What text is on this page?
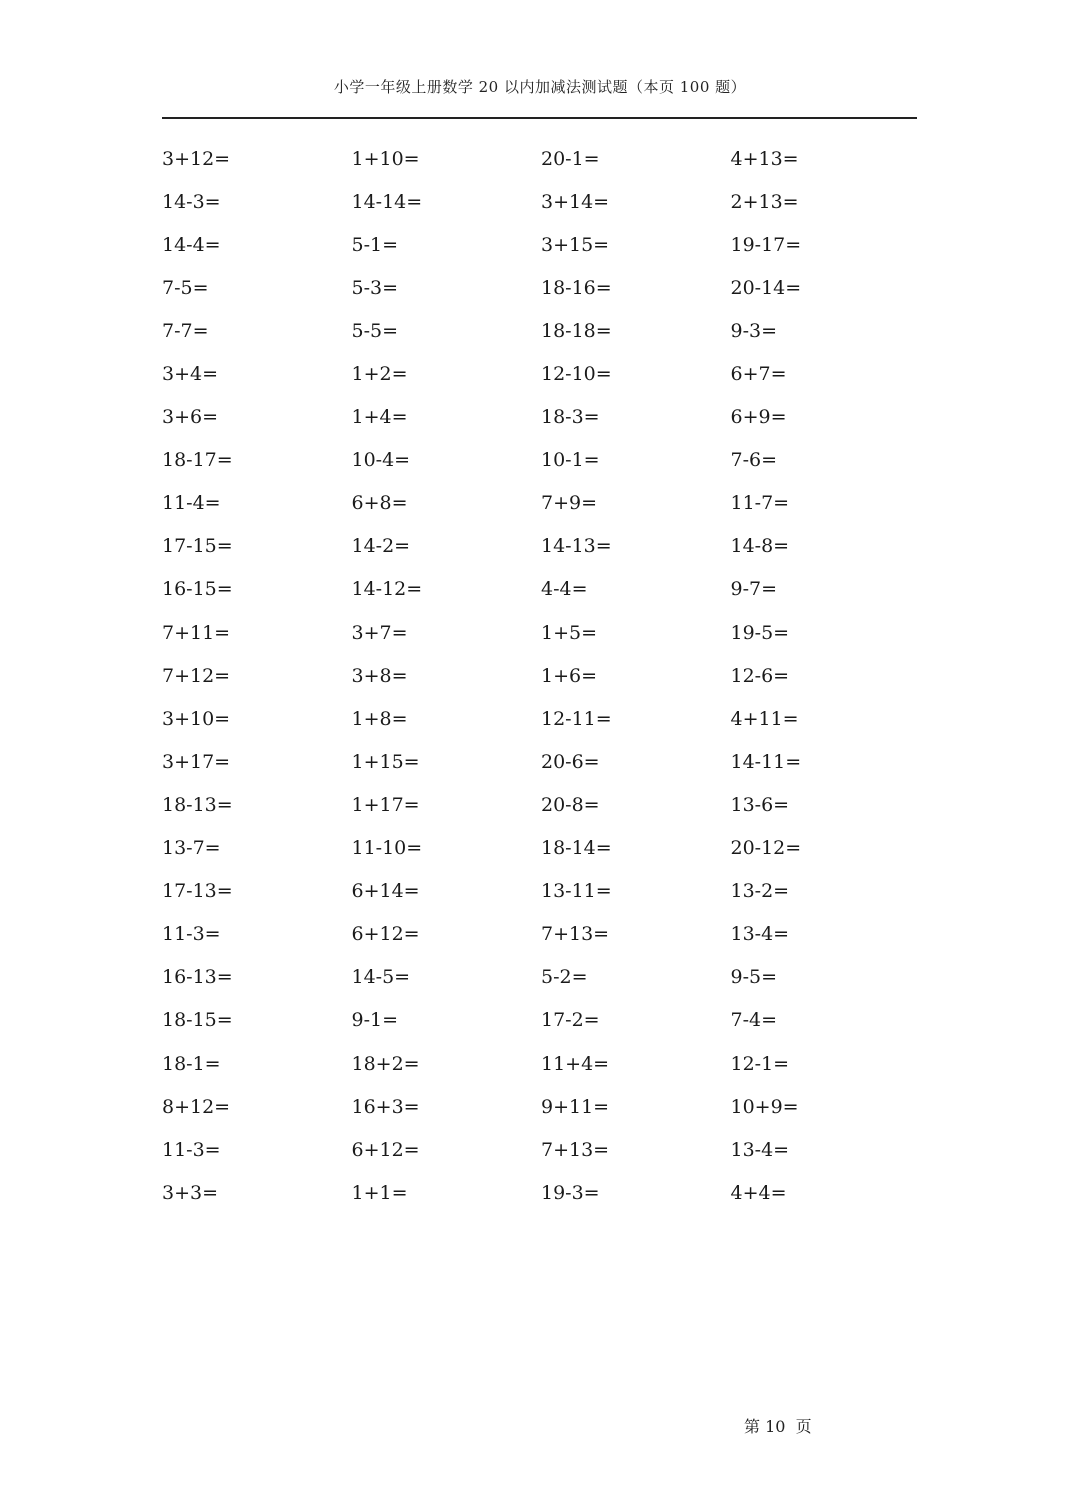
小学一年级上册数学 20 以内加减法测试题（本页 100 题）
3+12=	1+10=	20-1=	4+13=
14-3=	14-14=	3+14=	2+13=
14-4=	5-1=	3+15=	19-17=
7-5=	5-3=	18-16=	20-14=
7-7=	5-5=	18-18=	9-3=
3+4=	1+2=	12-10=	6+7=
3+6=	1+4=	18-3=	6+9=
18-17=	10-4=	10-1=	7-6=
11-4=	6+8=	7+9=	11-7=
17-15=	14-2=	14-13=	14-8=
16-15=	14-12=	4-4=	9-7=
7+11=	3+7=	1+5=	19-5=
7+12=	3+8=	1+6=	12-6=
3+10=	1+8=	12-11=	4+11=
3+17=	1+15=	20-6=	14-11=
18-13=	1+17=	20-8=	13-6=
13-7=	11-10=	18-14=	20-12=
17-13=	6+14=	13-11=	13-2=
11-3=	6+12=	7+13=	13-4=
16-13=	14-5=	5-2=	9-5=
18-15=	9-1=	17-2=	7-4=
18-1=	18+2=	11+4=	12-1=
8+12=	16+3=	9+11=	10+9=
11-3=	6+12=	7+13=	13-4=
3+3=	1+1=	19-3=	4+4=
第 10  页
